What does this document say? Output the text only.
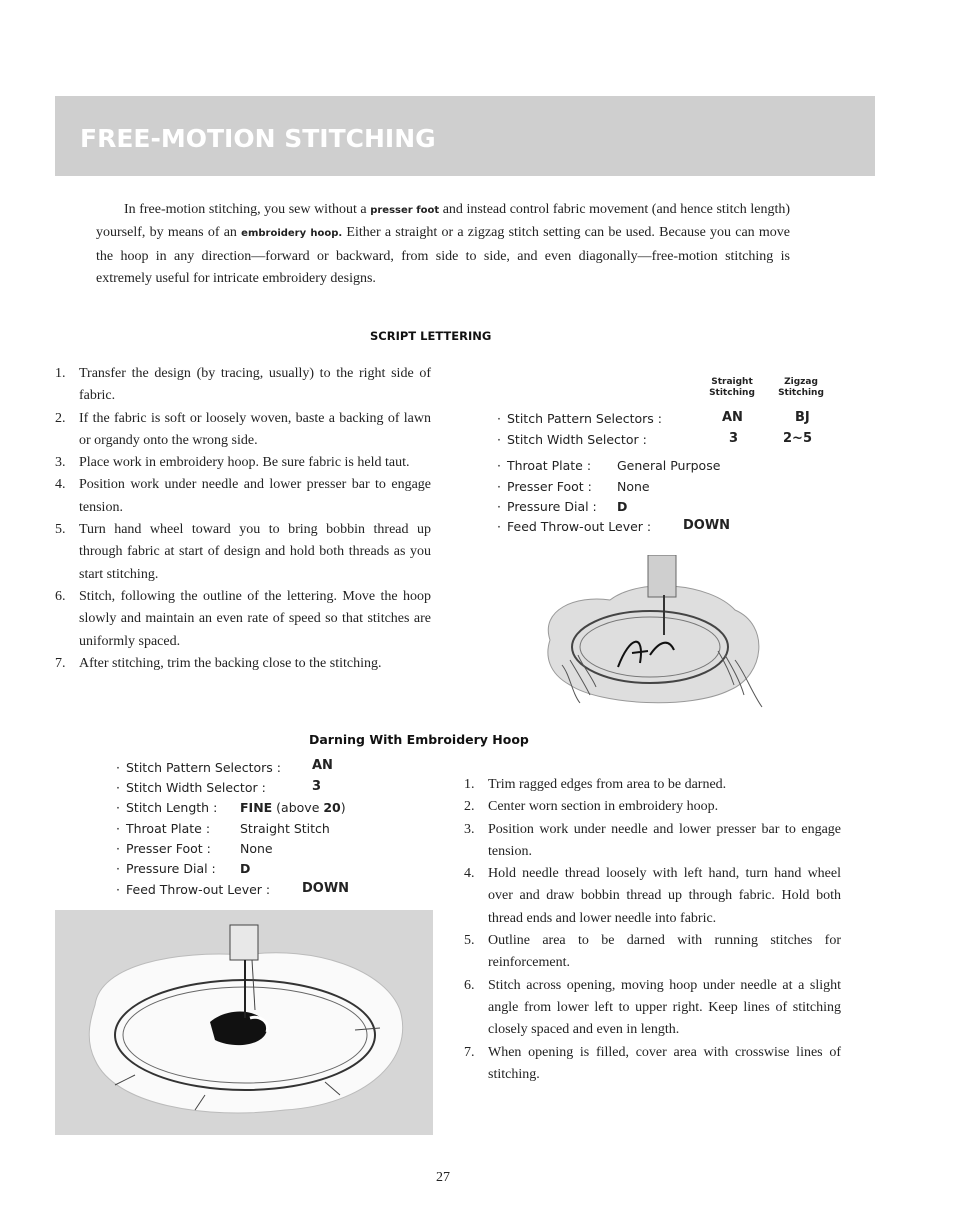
FREE-MOTION STITCHING

In free-motion stitching, you sew without a presser foot and instead control fabric movement (and hence stitch length) yourself, by means of an embroidery hoop. Either a straight or a zigzag stitch setting can be used. Because you can move the hoop in any direction—forward or backward, from side to side, and even diagonally—free-motion stitching is extremely useful for intricate embroidery designs.

SCRIPT LETTERING
1. Transfer the design (by tracing, usually) to the right side of fabric.
2. If the fabric is soft or loosely woven, baste a backing of lawn or organdy onto the wrong side.
3. Place work in embroidery hoop. Be sure fabric is held taut.
4. Position work under needle and lower presser bar to engage tension.
5. Turn hand wheel toward you to bring bobbin thread up through fabric at start of design and hold both threads as you start stitching.
6. Stitch, following the outline of the lettering. Move the hoop slowly and maintain an even rate of speed so that stitches are uniformly spaced.
7. After stitching, trim the backing close to the stitching.
Straight
Stitching
Zigzag
Stitching
· Stitch Pattern Selectors :	AN	BJ
· Stitch Width Selector :	3	2~5
· Throat Plate : General Purpose
· Presser Foot : None
· Pressure Dial : D
· Feed Throw-out Lever : DOWN
Darning With Embroidery Hoop
· Stitch Pattern Selectors : AN
· Stitch Width Selector :	3
· Stitch Length : FINE (above 20)
· Throat Plate : Straight Stitch
· Presser Foot : None
· Pressure Dial : D
· Feed Throw-out Lever : DOWN
1. Trim ragged edges from area to be darned.
2. Center worn section in embroidery hoop.
3. Position work under needle and lower presser bar to engage tension.
4. Hold needle thread loosely with left hand, turn hand wheel over and draw bobbin thread up through fabric. Hold both thread ends and lower needle into fabric.
5. Outline area to be darned with running stitches for reinforcement.
6. Stitch across opening, moving hoop under needle at a slight angle from lower left to upper right. Keep lines of stitching closely spaced and even in length.
7. When opening is filled, cover area with crosswise lines of stitching.
27
